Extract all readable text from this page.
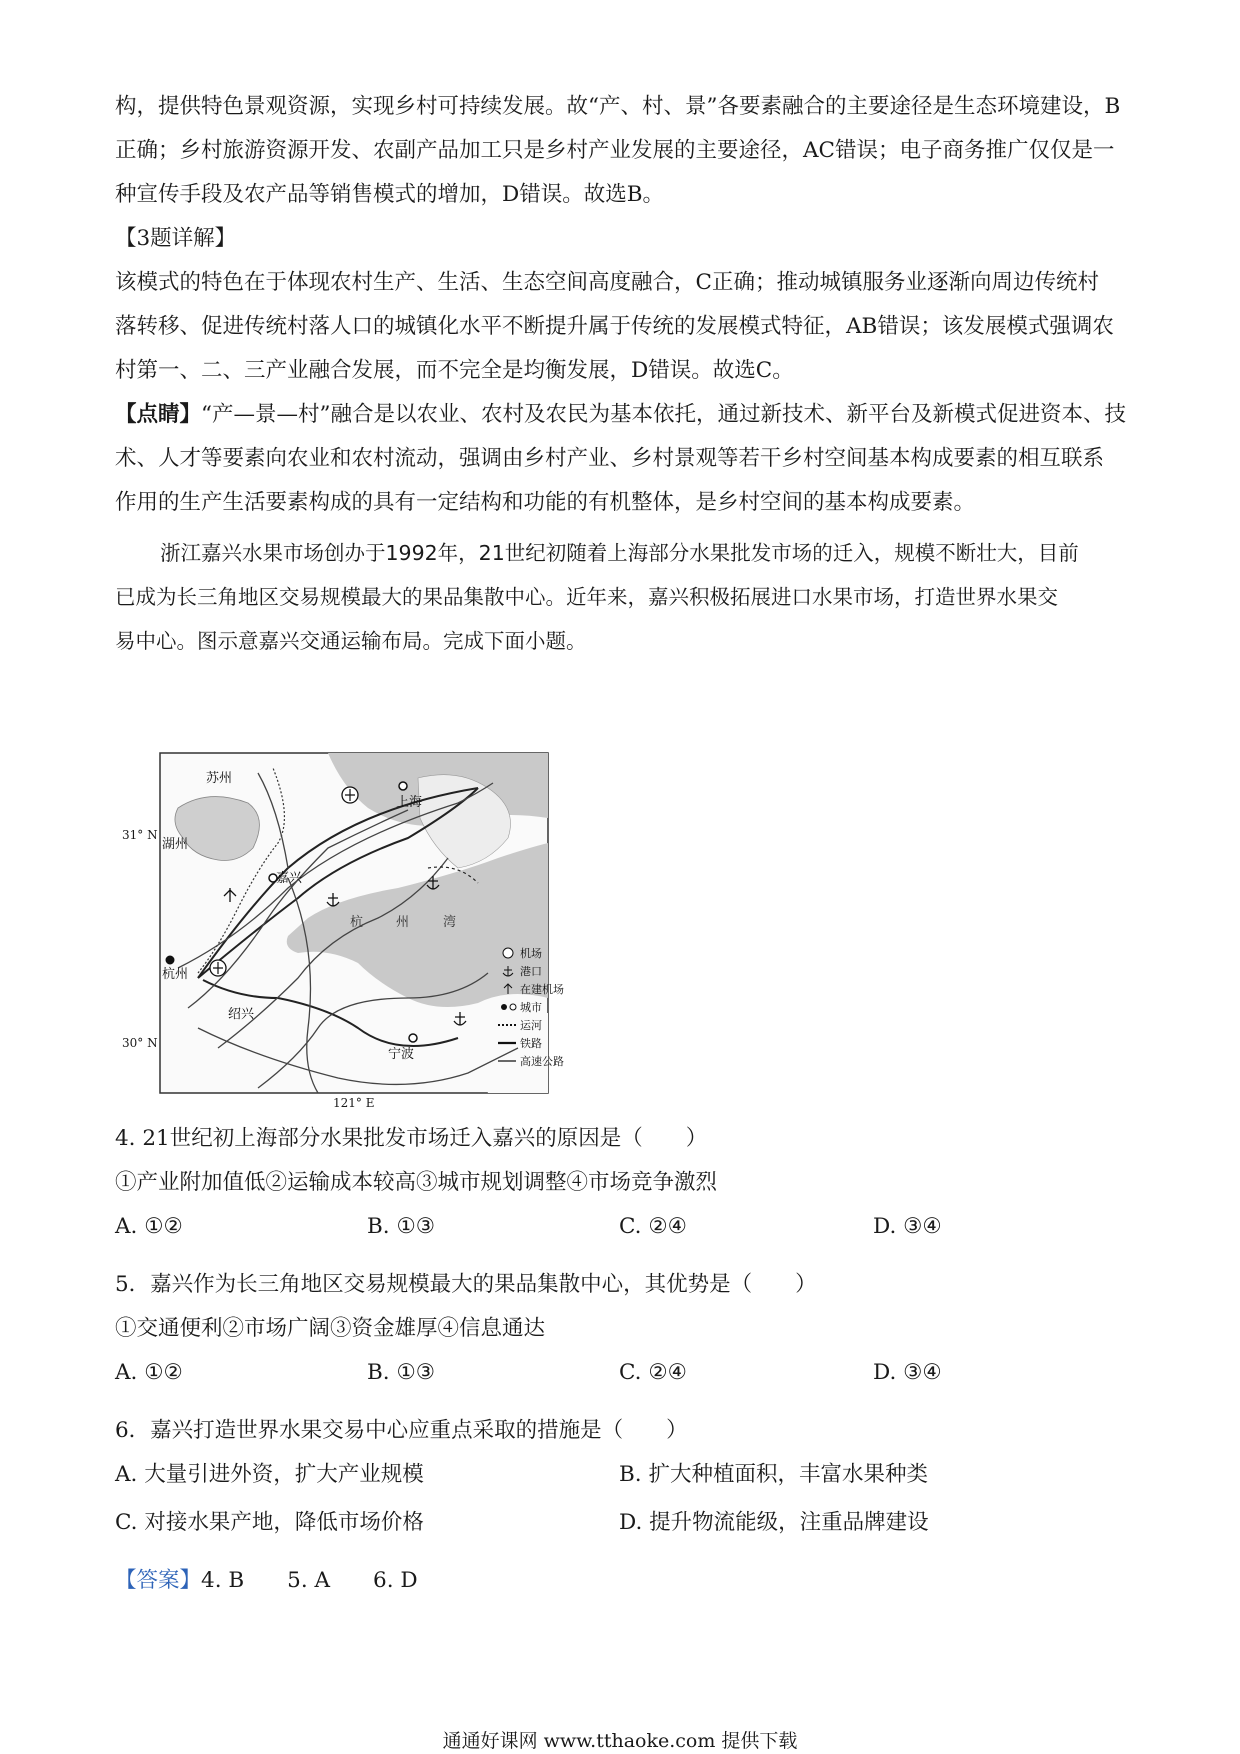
构，提供特色景观资源，实现乡村可持续发展。故“产、村、景”各要素融合的主要途径是生态环境建设，B
正确；乡村旅游资源开发、农副产品加工只是乡村产业发展的主要途径，AC错误；电子商务推广仅仅是一
种宣传手段及农产品等销售模式的增加，D错误。故选B。
【3题详解】
该模式的特色在于体现农村生产、生活、生态空间高度融合，C正确；推动城镇服务业逐渐向周边传统村
落转移、促进传统村落人口的城镇化水平不断提升属于传统的发展模式特征，AB错误；该发展模式强调农
村第一、二、三产业融合发展，而不完全是均衡发展，D错误。故选C。
【点睛】“产—景—村”融合是以农业、农村及农民为基本依托，通过新技术、新平台及新模式促进资本、技
术、人才等要素向农业和农村流动，强调由乡村产业、乡村景观等若干乡村空间基本构成要素的相互联系
作用的生产生活要素构成的具有一定结构和功能的有机整体，是乡村空间的基本构成要素。
浙江嘉兴水果市场创办于1992年，21世纪初随着上海部分水果批发市场的迁入，规模不断壮大，目前
已成为长三角地区交易规模最大的果品集散中心。近年来，嘉兴积极拓展进口水果市场，打造世界水果交
易中心。图示意嘉兴交通运输布局。完成下面小题。
苏州
上海
湖州
嘉兴
杭州
绍兴
宁波
杭	州	湾
机场
港口
在建机场
城市
运河
铁路
高速公路
31° N
30° N
121° E
4. 21世纪初上海部分水果批发市场迁入嘉兴的原因是（　　）
①产业附加值低②运输成本较高③城市规划调整④市场竞争激烈
A. ①②	B. ①③	C. ②④	D. ③④
5．嘉兴作为长三角地区交易规模最大的果品集散中心，其优势是（　　）
①交通便利②市场广阔③资金雄厚④信息通达
A. ①②	B. ①③	C. ②④	D. ③④
6．嘉兴打造世界水果交易中心应重点采取的措施是（　　）
A. 大量引进外资，扩大产业规模	B. 扩大种植面积，丰富水果种类
C. 对接水果产地，降低市场价格	D. 提升物流能级，注重品牌建设
【答案】4. B　　5. A　　6. D
通通好课网 www.tthaoke.com 提供下载
